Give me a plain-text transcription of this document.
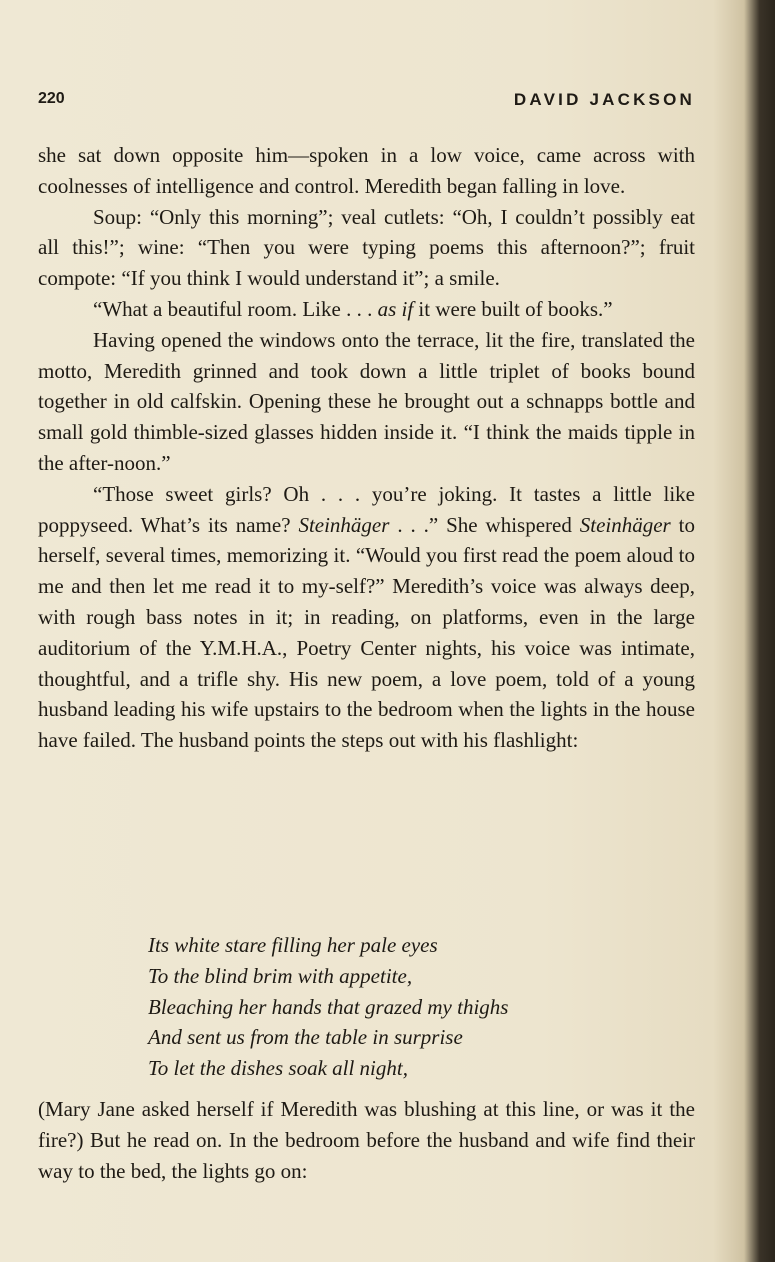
220	DAVID JACKSON

she sat down opposite him—spoken in a low voice, came across with coolnesses of intelligence and control. Meredith began falling in love.

Soup: “Only this morning”; veal cutlets: “Oh, I couldn’t possibly eat all this!”; wine: “Then you were typing poems this afternoon?”; fruit compote: “If you think I would understand it”; a smile.

“What a beautiful room. Like . . . as if it were built of books.”

Having opened the windows onto the terrace, lit the fire, translated the motto, Meredith grinned and took down a little triplet of books bound together in old calfskin. Opening these he brought out a schnapps bottle and small gold thimble-sized glasses hidden inside it. “I think the maids tipple in the after-noon.”

“Those sweet girls? Oh . . . you’re joking. It tastes a little like poppyseed. What’s its name? Steinhäger . . .” She whispered Steinhäger to herself, several times, memorizing it. “Would you first read the poem aloud to me and then let me read it to my-self?” Meredith’s voice was always deep, with rough bass notes in it; in reading, on platforms, even in the large auditorium of the Y.M.H.A., Poetry Center nights, his voice was intimate, thoughtful, and a trifle shy. His new poem, a love poem, told of a young husband leading his wife upstairs to the bedroom when the lights in the house have failed. The husband points the steps out with his flashlight:

Its white stare filling her pale eyes
To the blind brim with appetite,
Bleaching her hands that grazed my thighs
And sent us from the table in surprise
To let the dishes soak all night,

(Mary Jane asked herself if Meredith was blushing at this line, or was it the fire?) But he read on. In the bedroom before the husband and wife find their way to the bed, the lights go on:
